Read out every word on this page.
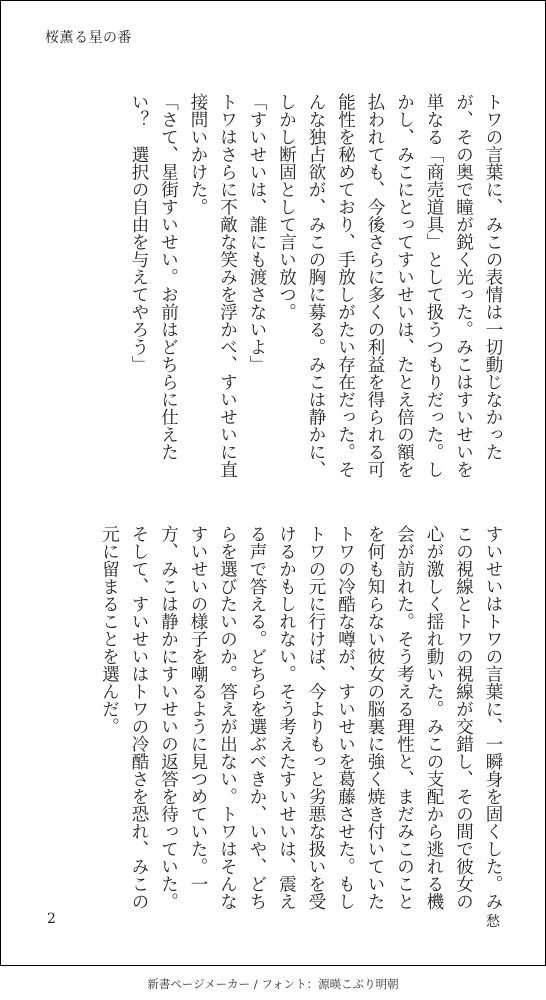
桜薫る星の番

トワの言葉に、みこの表情は一切動じなかったが、その奥で瞳が鋭く光った。みこはすいせいを単なる「商売道具」として扱うつもりだった。しかし、みこにとってすいせいは、たとえ倍の額を払われても、今後さらに多くの利益を得られる可能性を秘めており、手放しがたい存在だった。そんな独占欲が、みこの胸に募る。みこは静かに、しかし断固として言い放つ。

「すいせいは、誰にも渡さないよ」

トワはさらに不敵な笑みを浮かべ、すいせいに直接問いかけた。

「さて、星街すいせい。お前はどちらに仕えたい？　選択の自由を与えてやろう」

すいせいはトワの言葉に、一瞬身を固くした。みこの視線とトワの視線が交錯し、その間で彼女の心が激しく揺れ動いた。みこの支配から逃れる機会が訪れた。そう考える理性と、まだみこのことを何も知らない彼女の脳裏に強く焼き付いていたトワの冷酷な噂が、すいせいを葛藤させた。もしトワの元に行けば、今よりもっと劣悪な扱いを受けるかもしれない。そう考えたすいせいは、震える声で答える。どちらを選ぶべきか、いや、どちらを選びたいのか。答えが出ない。トワはそんなすいせいの様子を嘲るように見つめていた。一方、みこは静かにすいせいの返答を待っていた。そして、すいせいはトワの冷酷さを恐れ、みこの元に留まることを選んだ。

2	愁
新書ページメーカー / フォント：源暎こぶり明朝
